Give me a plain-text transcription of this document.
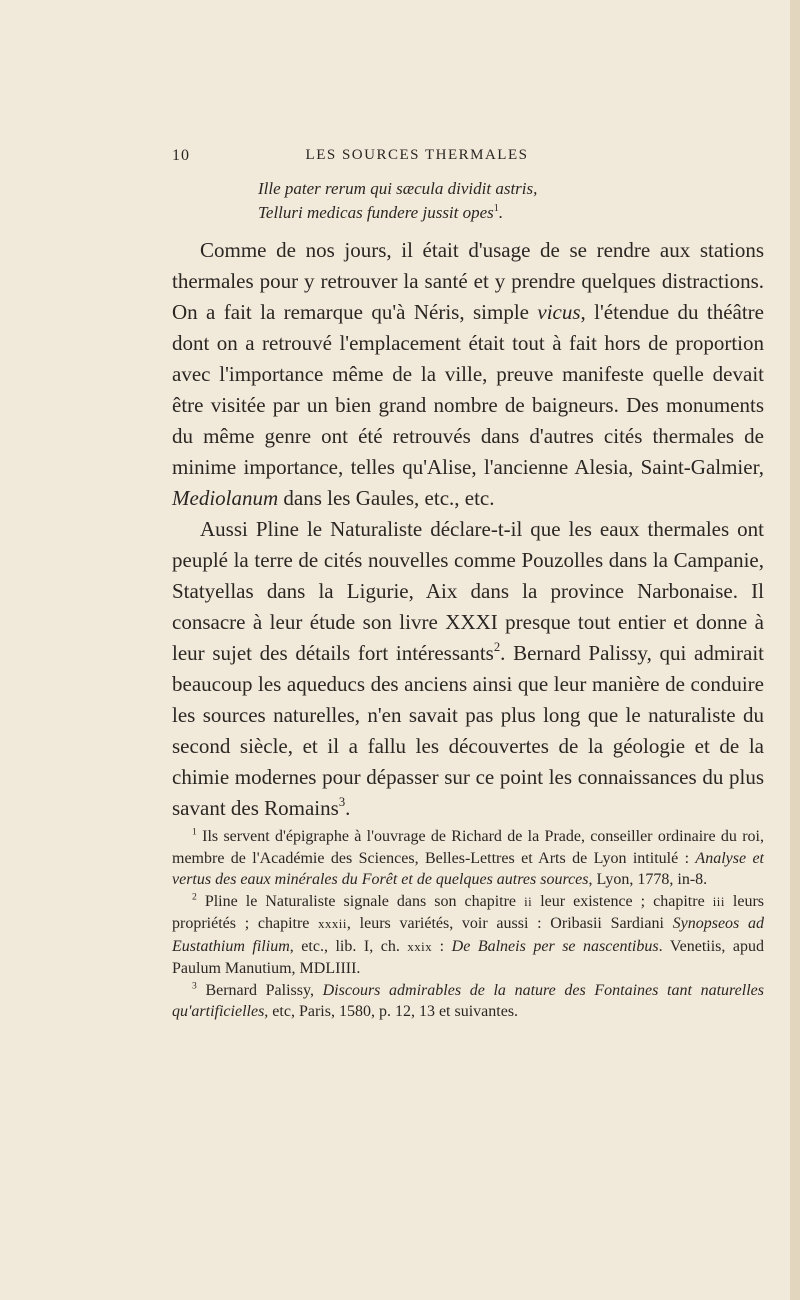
10	LES SOURCES THERMALES
Ille pater rerum qui sæcula dividit astris,
Telluri medicas fundere jussit opes$^1$.

Comme de nos jours, il était d'usage de se rendre aux stations thermales pour y retrouver la santé et y prendre quelques distractions. On a fait la remarque qu'à Néris, simple vicus, l'étendue du théâtre dont on a retrouvé l'emplacement était tout à fait hors de proportion avec l'importance même de la ville, preuve manifeste quelle devait être visitée par un bien grand nombre de baigneurs. Des monuments du même genre ont été retrouvés dans d'autres cités thermales de minime importance, telles qu'Alise, l'ancienne Alesia, Saint-Galmier, Mediolanum dans les Gaules, etc., etc.

Aussi Pline le Naturaliste déclare-t-il que les eaux thermales ont peuplé la terre de cités nouvelles comme Pouzolles dans la Campanie, Statyellas dans la Ligurie, Aix dans la province Narbonaise. Il consacre à leur étude son livre XXXI presque tout entier et donne à leur sujet des détails fort intéressants$^2$. Bernard Palissy, qui admirait beaucoup les aqueducs des anciens ainsi que leur manière de conduire les sources naturelles, n'en savait pas plus long que le naturaliste du second siècle, et il a fallu les découvertes de la géologie et de la chimie modernes pour dépasser sur ce point les connaissances du plus savant des Romains$^3$.

$^1$ Ils servent d'épigraphe à l'ouvrage de Richard de la Prade, conseiller ordinaire du roi, membre de l'Académie des Sciences, Belles-Lettres et Arts de Lyon intitulé : Analyse et vertus des eaux minérales du Forêt et de quelques autres sources, Lyon, 1778, in-8.

$^2$ Pline le Naturaliste signale dans son chapitre ii leur existence ; chapitre iii leurs propriétés ; chapitre xxxii, leurs variétés, voir aussi : Oribasii Sardiani Synopseos ad Eustathium filium, etc., lib. I, ch. xxix : De Balneis per se nascentibus. Venetiis, apud Paulum Manutium, MDLIIII.

$^3$ Bernard Palissy, Discours admirables de la nature des Fontaines tant naturelles qu'artificielles, etc, Paris, 1580, p. 12, 13 et suivantes.
